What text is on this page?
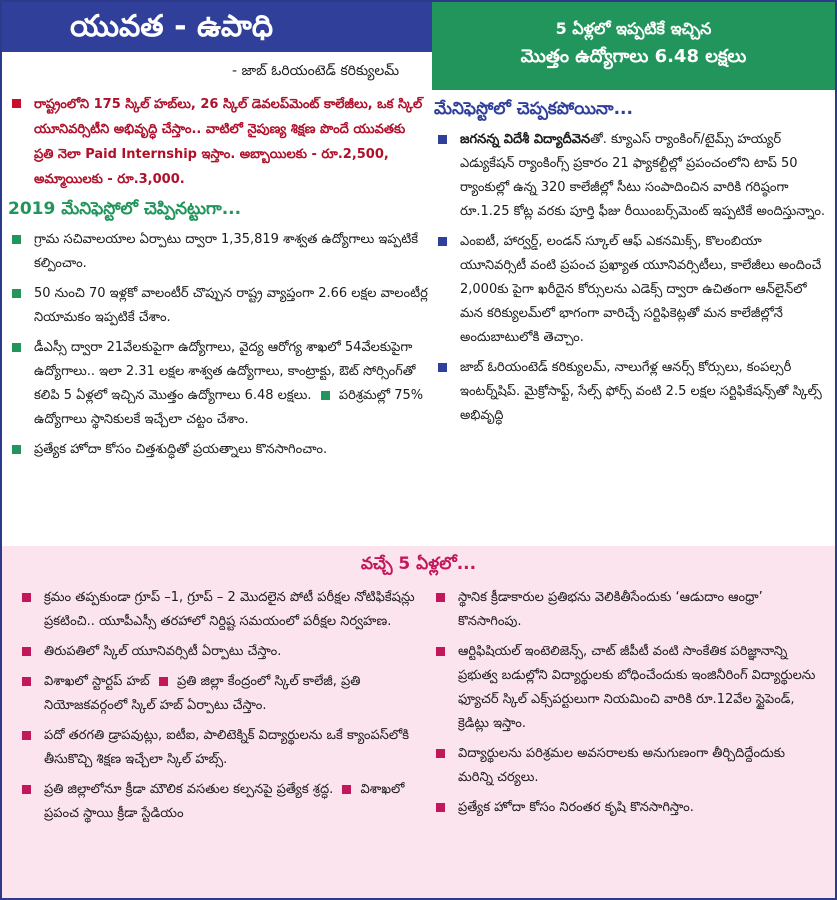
యువత - ఉపాధి
- జాబ్ ఓరియంటెడ్ కరిక్యులమ్
5 ఏళ్లలో ఇప్పటికే ఇచ్చిన
మొత్తం ఉద్యోగాలు 6.48 లక్షలు
రాష్ట్రంలోని 175 స్కిల్ హబ్‌లు, 26 స్కిల్ డెవలప్‌మెంట్ కాలేజీలు, ఒక స్కిల్ యూనివర్సిటీని అభివృద్ధి చేస్తాం.. వాటిలో నైపుణ్య శిక్షణ పొందే యువతకు ప్రతి నెలా Paid Internship ఇస్తాం. అబ్బాయిలకు - రూ.2,500, అమ్మాయిలకు - రూ.3,000.
2019 మేనిఫెస్టోలో చెప్పినట్టుగా...
గ్రామ సచివాలయాల ఏర్పాటు ద్వారా 1,35,819 శాశ్వత ఉద్యోగాలు ఇప్పటికే కల్పించాం.
50 నుంచి 70 ఇళ్లకో వాలంటీర్ చొప్పున రాష్ట్ర వ్యాప్తంగా 2.66 లక్షల వాలంటీర్ల నియామకం ఇప్పటికే చేశాం.
డీఎస్సీ ద్వారా 21వేలకుపైగా ఉద్యోగాలు, వైద్య ఆరోగ్య శాఖలో 54వేలకుపైగా ఉద్యోగాలు.. ఇలా 2.31 లక్షల శాశ్వత ఉద్యోగాలు, కాంట్రాక్టు, ఔట్ సోర్సింగ్‌తో కలిపి 5 ఏళ్లలో ఇచ్చిన మొత్తం ఉద్యోగాలు 6.48 లక్షలు. పరిశ్రమల్లో 75% ఉద్యోగాలు స్థానికులకే ఇచ్చేలా చట్టం చేశాం.
ప్రత్యేక హోదా కోసం చిత్తశుద్ధితో ప్రయత్నాలు కొనసాగించాం.
మేనిఫెస్టోలో చెప్పకపోయినా...
జగనన్న విదేశీ విద్యాదీవెనతో. క్యూఎస్ ర్యాంకింగ్/టైమ్స్ హయ్యర్ ఎడ్యుకేషన్ ర్యాంకింగ్స్ ప్రకారం 21 ఫ్యాకల్టీల్లో ప్రపంచంలోని టాప్ 50 ర్యాంకుల్లో ఉన్న 320 కాలేజీల్లో సీటు సంపాదించిన వారికి గరిష్ఠంగా రూ.1.25 కోట్ల వరకు పూర్తి ఫీజు రీయింబర్స్‌మెంట్ ఇప్పటికే అందిస్తున్నాం.
ఎంఐటీ, హార్వర్డ్, లండన్ స్కూల్ ఆఫ్ ఎకనమిక్స్, కొలంబియా యూనివర్సిటీ వంటి ప్రపంచ ప్రఖ్యాత యూనివర్సిటీలు, కాలేజీలు అందించే 2,000కు పైగా ఖరీదైన కోర్సులను ఎడెక్స్ ద్వారా ఉచితంగా ఆన్‌లైన్‌లో మన కరిక్యులమ్‌లో భాగంగా వారిచ్చే సర్టిఫికెట్లతో మన కాలేజీల్లోనే అందుబాటులోకి తెచ్చాం.
జాబ్ ఓరియంటెడ్ కరిక్యులమ్, నాలుగేళ్ల ఆనర్స్ కోర్సులు, కంపల్సరీ ఇంటర్న్‌షిప్. మైక్రోసాఫ్ట్, సేల్స్ ఫోర్స్ వంటి 2.5 లక్షల సర్టిఫికేషన్స్‌తో స్కిల్స్ అభివృద్ధి
వచ్చే 5 ఏళ్లలో...
క్రమం తప్పకుండా గ్రూప్ –1, గ్రూప్ – 2 మొదలైన పోటీ పరీక్షల నోటిఫికేషన్లు ప్రకటించి.. యూపీఎస్సీ తరహాలో నిర్దిష్ట సమయంలో పరీక్షల నిర్వహణ.
తిరుపతిలో స్కిల్ యూనివర్సిటీ ఏర్పాటు చేస్తాం.
విశాఖలో స్టార్టప్ హబ్ ప్రతి జిల్లా కేంద్రంలో స్కిల్ కాలేజీ, ప్రతి నియోజకవర్గంలో స్కిల్ హబ్ ఏర్పాటు చేస్తాం.
పదో తరగతి డ్రాపవుట్లు, ఐటీఐ, పాలిటెక్నిక్ విద్యార్థులను ఒకే క్యాంపస్‌లోకి తీసుకొచ్చి శిక్షణ ఇచ్చేలా స్కిల్ హబ్స్.
ప్రతి జిల్లాలోనూ క్రీడా మౌలిక వసతుల కల్పనపై ప్రత్యేక శ్రద్ధ. విశాఖలో ప్రపంచ స్థాయి క్రీడా స్టేడియం
స్థానిక క్రీడాకారుల ప్రతిభను వెలికితీసేందుకు ‘ఆడుదాం ఆంధ్రా’ కొనసాగింపు.
ఆర్టిఫిషియల్ ఇంటెలిజెన్స్, చాట్ జీపీటీ వంటి సాంకేతిక పరిజ్ఞానాన్ని ప్రభుత్వ బడుల్లోని విద్యార్థులకు బోధించేందుకు ఇంజినీరింగ్ విద్యార్థులను ఫ్యూచర్ స్కిల్ ఎక్స్‌పర్టులుగా నియమించి వారికి రూ.12వేల స్టైపెండ్, క్రెడిట్లు ఇస్తాం.
విద్యార్థులను పరిశ్రమల అవసరాలకు అనుగుణంగా తీర్చిదిద్దేందుకు మరిన్ని చర్యలు.
ప్రత్యేక హోదా కోసం నిరంతర కృషి కొనసాగిస్తాం.
